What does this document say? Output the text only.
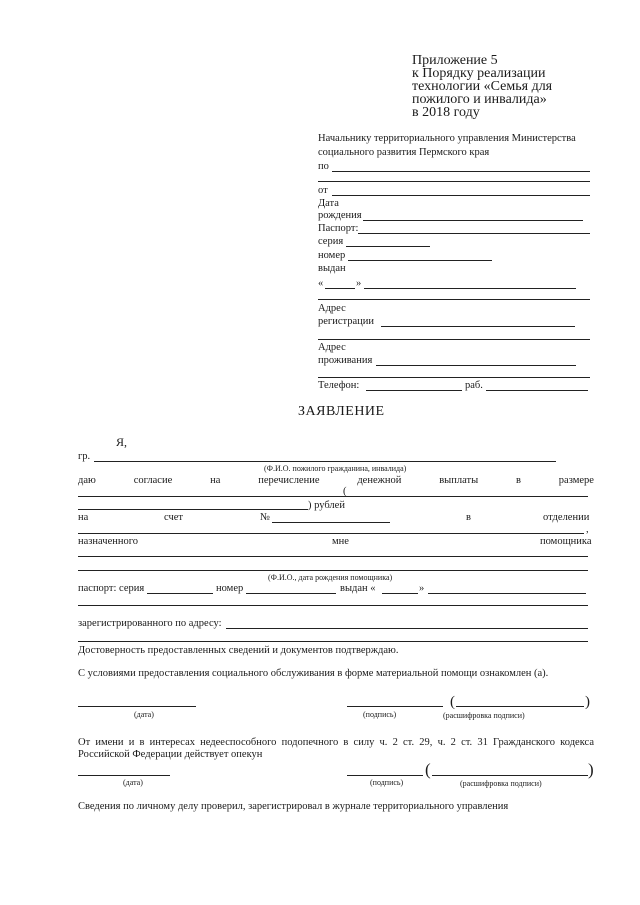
Приложение 5
к Порядку реализации
технологии «Семья для
пожилого и инвалида»
в 2018 году
Начальнику территориального управления Министерства
социального развития Пермского края
по
от
Дата
рождения
Паспорт:
серия
номер
выдан
«	»
Адрес
регистрации
Адрес
проживания
Телефон:	раб.
ЗАЯВЛЕНИЕ
Я,
гр.
(Ф.И.О. пожилого гражданина, инвалида)
даю	согласие	на	перечисление	денежной	выплаты	в	размере
(
) рублей
на	счет	№	в	отделении
,
назначенного	мне	помощника
(Ф.И.О., дата рождения помощника)
паспорт: серия	номер	выдан «	»
зарегистрированного по адресу:
Достоверность предоставленных сведений и документов подтверждаю.
С условиями предоставления социального обслуживания в форме материальной помощи ознакомлен (а).
(дата)	(подпись)
(	)
(расшифровка подписи)
От имени и в интересах недееспособного подопечного в силу ч. 2 ст. 29, ч. 2 ст. 31 Гражданского кодекса Российской Федерации действует опекун
(дата)	(подпись)
(	)
(расшифровка подписи)
Сведения по личному делу проверил, зарегистрировал в журнале территориального управления
